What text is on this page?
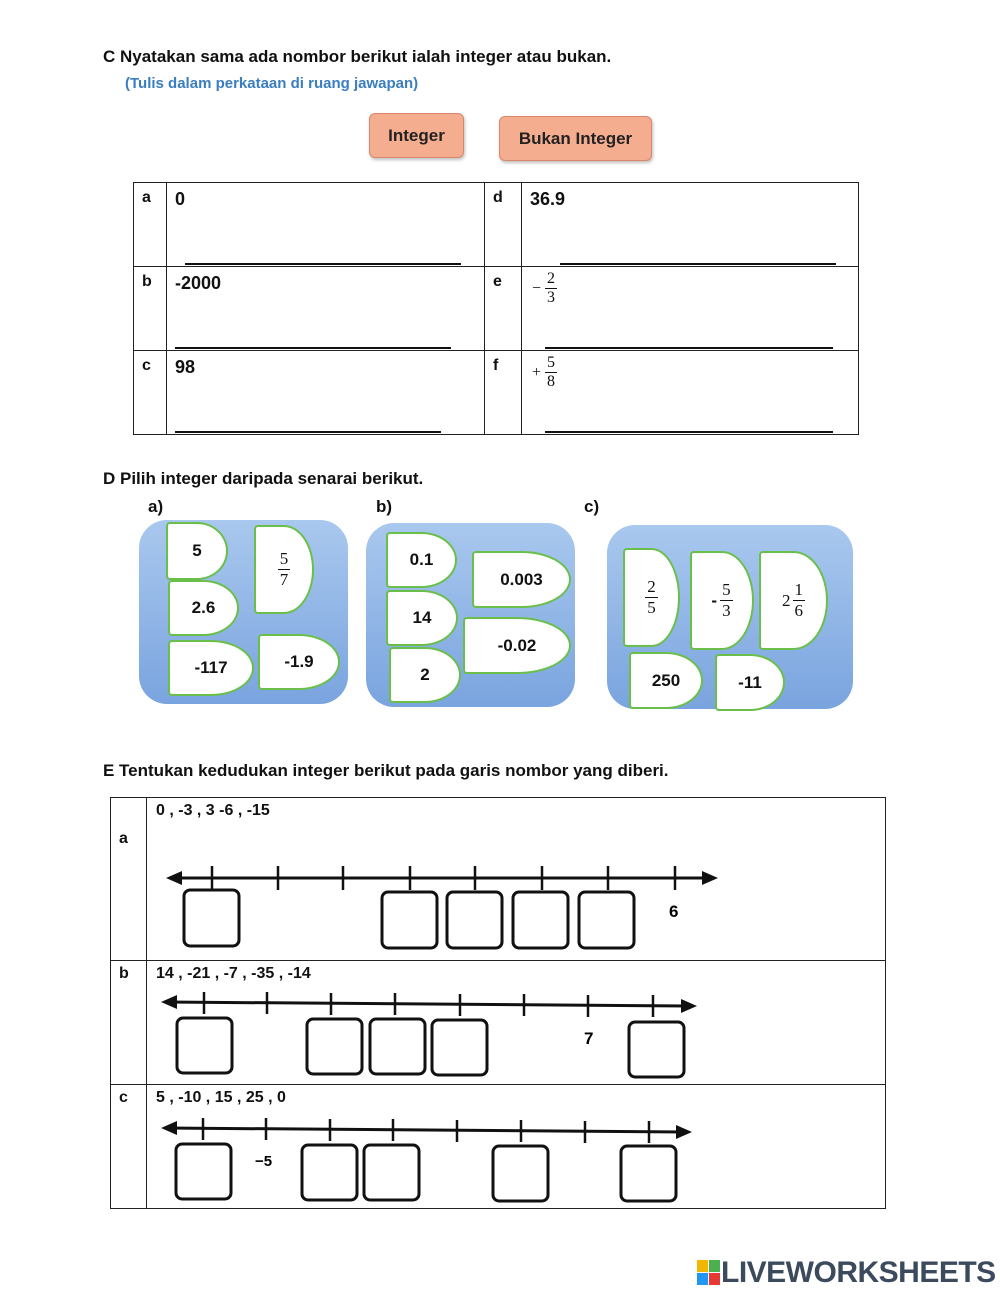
C Nyatakan sama ada nombor berikut ialah integer atau bukan.
(Tulis dalam perkataan di ruang jawapan)
Integer	Bukan Integer
a	0	d	36.9

b	-2000	e	− $\frac{2}{3}$

c	98	f	+ $\frac{5}{8}$
D Pilih integer daripada senarai berikut.
a)	b)	c)
5	$\frac{5}{7}$
2.6
-117	-1.9
0.1
14
2
0.003
-0.02
$\frac{2}{5}$	- $\frac{5}{3}$	$2 \frac{1}{6}$
250	-11
E Tentukan kedudukan integer berikut pada garis nombor yang diberi.
a	0 , -3 , 3 -6 , -15

b	14 , -21 , -7 , -35 , -14

c	5 , -10 , 15 , 25 , 0
6
7
−5
LIVEWORKSHEETS
